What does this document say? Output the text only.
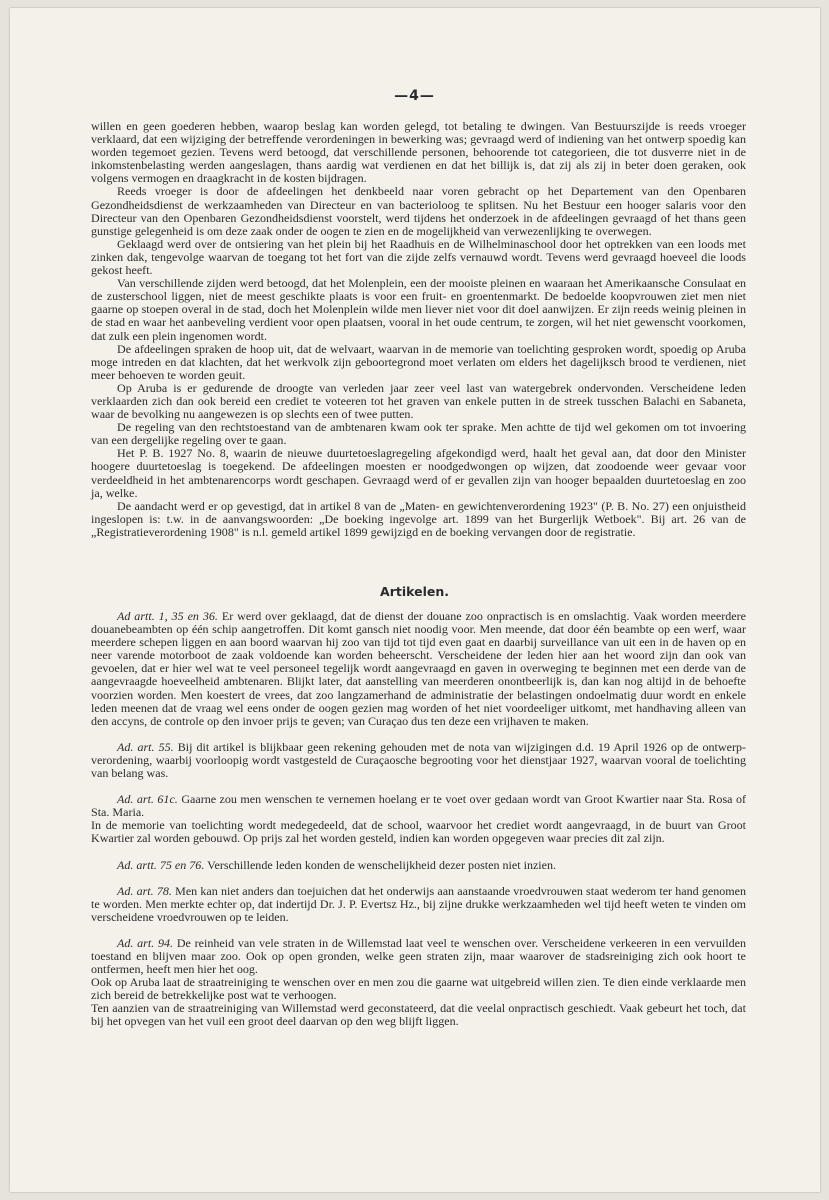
—4—

willen en geen goederen hebben, waarop beslag kan worden gelegd, tot betaling te dwingen. Van Bestuurszijde is reeds vroeger verklaard, dat een wijziging der betreffende verordeningen in bewerking was; gevraagd werd of indiening van het ontwerp spoedig kan worden tegemoet gezien. Tevens werd betoogd, dat verschillende personen, behoorende tot categorieen, die tot dusverre niet in de inkomstenbelasting werden aangeslagen, thans aardig wat verdienen en dat het billijk is, dat zij als zij in beter doen geraken, ook volgens vermogen en draagkracht in de kosten bijdragen.

Reeds vroeger is door de afdeelingen het denkbeeld naar voren gebracht op het Departement van den Openbaren Gezondheidsdienst de werkzaamheden van Directeur en van bacterioloog te splitsen. Nu het Bestuur een hooger salaris voor den Directeur van den Openbaren Gezondheidsdienst voorstelt, werd tijdens het onderzoek in de afdeelingen gevraagd of het thans geen gunstige gelegenheid is om deze zaak onder de oogen te zien en de mogelijkheid van verwezenlijking te overwegen.

Geklaagd werd over de ontsiering van het plein bij het Raadhuis en de Wilhelminaschool door het optrekken van een loods met zinken dak, tengevolge waarvan de toegang tot het fort van die zijde zelfs vernauwd wordt. Tevens werd gevraagd hoeveel die loods gekost heeft.

Van verschillende zijden werd betoogd, dat het Molenplein, een der mooiste pleinen en waaraan het Amerikaansche Consulaat en de zusterschool liggen, niet de meest geschikte plaats is voor een fruit- en groentenmarkt. De bedoelde koopvrouwen ziet men niet gaarne op stoepen overal in de stad, doch het Molenplein wilde men liever niet voor dit doel aanwijzen. Er zijn reeds weinig pleinen in de stad en waar het aanbeveling verdient voor open plaatsen, vooral in het oude centrum, te zorgen, wil het niet gewenscht voorkomen, dat zulk een plein ingenomen wordt.

De afdeelingen spraken de hoop uit, dat de welvaart, waarvan in de memorie van toelichting gesproken wordt, spoedig op Aruba moge intreden en dat klachten, dat het werkvolk zijn geboortegrond moet verlaten om elders het dagelijksch brood te verdienen, niet meer behoeven te worden geuit.

Op Aruba is er gedurende de droogte van verleden jaar zeer veel last van watergebrek ondervonden. Verscheidene leden verklaarden zich dan ook bereid een crediet te voteeren tot het graven van enkele putten in de streek tusschen Balachi en Sabaneta, waar de bevolking nu aangewezen is op slechts een of twee putten.

De regeling van den rechtstoestand van de ambtenaren kwam ook ter sprake. Men achtte de tijd wel gekomen om tot invoering van een dergelijke regeling over te gaan.

Het P. B. 1927 No. 8, waarin de nieuwe duurtetoeslagregeling afgekondigd werd, haalt het geval aan, dat door den Minister hoogere duurtetoeslag is toegekend. De afdeelingen moesten er noodgedwongen op wijzen, dat zoodoende weer gevaar voor verdeeldheid in het ambtenarencorps wordt geschapen. Gevraagd werd of er gevallen zijn van hooger bepaalden duurtetoeslag en zoo ja, welke.

De aandacht werd er op gevestigd, dat in artikel 8 van de „Maten- en gewichtenverordening 1923" (P. B. No. 27) een onjuistheid ingeslopen is: t.w. in de aanvangswoorden: „De boeking ingevolge art. 1899 van het Burgerlijk Wetboek". Bij art. 26 van de „Registratieverordening 1908" is n.l. gemeld artikel 1899 gewijzigd en de boeking vervangen door de registratie.

Artikelen.

Ad artt. 1, 35 en 36. Er werd over geklaagd, dat de dienst der douane zoo onpractisch is en omslachtig. Vaak worden meerdere douanebeambten op één schip aangetroffen. Dit komt gansch niet noodig voor. Men meende, dat door één beambte op een werf, waar meerdere schepen liggen en aan boord waarvan hij zoo van tijd tot tijd even gaat en daarbij surveillance van uit een in de haven op en neer varende motorboot de zaak voldoende kan worden beheerscht. Verscheidene der leden hier aan het woord zijn dan ook van gevoelen, dat er hier wel wat te veel personeel tegelijk wordt aangevraagd en gaven in overweging te beginnen met een derde van de aangevraagde hoeveelheid ambtenaren. Blijkt later, dat aanstelling van meerderen onontbeerlijk is, dan kan nog altijd in de behoefte voorzien worden. Men koestert de vrees, dat zoo langzamerhand de administratie der belastingen ondoelmatig duur wordt en enkele leden meenen dat de vraag wel eens onder de oogen gezien mag worden of het niet voordeeliger uitkomt, met handhaving alleen van den accyns, de controle op den invoer prijs te geven; van Curaçao dus ten deze een vrijhaven te maken.

Ad. art. 55. Bij dit artikel is blijkbaar geen rekening gehouden met de nota van wijzigingen d.d. 19 April 1926 op de ontwerp-verordening, waarbij voorloopig wordt vastgesteld de Curaçaosche begrooting voor het dienstjaar 1927, waarvan vooral de toelichting van belang was.

Ad. art. 61c. Gaarne zou men wenschen te vernemen hoelang er te voet over gedaan wordt van Groot Kwartier naar Sta. Rosa of Sta. Maria.

In de memorie van toelichting wordt medegedeeld, dat de school, waarvoor het crediet wordt aangevraagd, in de buurt van Groot Kwartier zal worden gebouwd. Op prijs zal het worden gesteld, indien kan worden opgegeven waar precies dit zal zijn.

Ad. artt. 75 en 76. Verschillende leden konden de wenschelijkheid dezer posten niet inzien.

Ad. art. 78. Men kan niet anders dan toejuichen dat het onderwijs aan aanstaande vroedvrouwen staat wederom ter hand genomen te worden. Men merkte echter op, dat indertijd Dr. J. P. Evertsz Hz., bij zijne drukke werkzaamheden wel tijd heeft weten te vinden om verscheidene vroedvrouwen op te leiden.

Ad. art. 94. De reinheid van vele straten in de Willemstad laat veel te wenschen over. Verscheidene verkeeren in een vervuilden toestand en blijven maar zoo. Ook op open gronden, welke geen straten zijn, maar waarover de stadsreiniging zich ook hoort te ontfermen, heeft men hier het oog.

Ook op Aruba laat de straatreiniging te wenschen over en men zou die gaarne wat uitgebreid willen zien. Te dien einde verklaarde men zich bereid de betrekkelijke post wat te verhoogen.

Ten aanzien van de straatreiniging van Willemstad werd geconstateerd, dat die veelal onpractisch geschiedt. Vaak gebeurt het toch, dat bij het opvegen van het vuil een groot deel daarvan op den weg blijft liggen.
